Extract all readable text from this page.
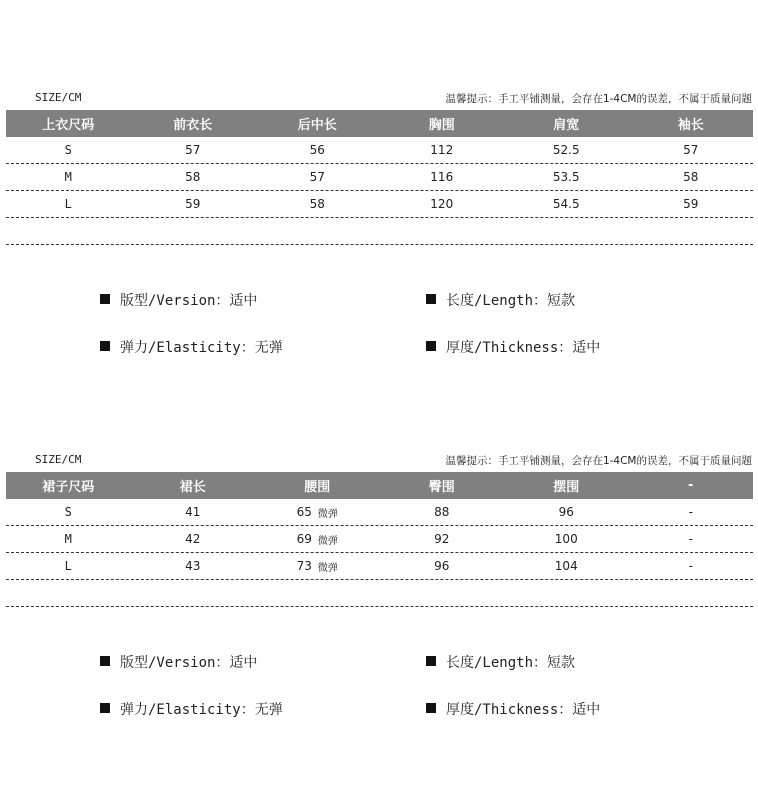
SIZE/CM	温馨提示：手工平铺测量，会存在1-4CM的误差，不属于质量问题
上衣尺码	前衣长	后中长	胸围	肩宽	袖长
S	57	56	112	52.5	57
M	58	57	116	53.5	58
L	59	58	120	54.5	59
版型/Version：适中	长度/Length：短款
弹力/Elasticity：无弹	厚度/Thickness：适中
SIZE/CM	温馨提示：手工平铺测量，会存在1-4CM的误差，不属于质量问题
裙子尺码	裙长	腰围	臀围	摆围	-
S	41	65 微弹	88	96	-
M	42	69 微弹	92	100	-
L	43	73 微弹	96	104	-
版型/Version：适中	长度/Length：短款
弹力/Elasticity：无弹	厚度/Thickness：适中
